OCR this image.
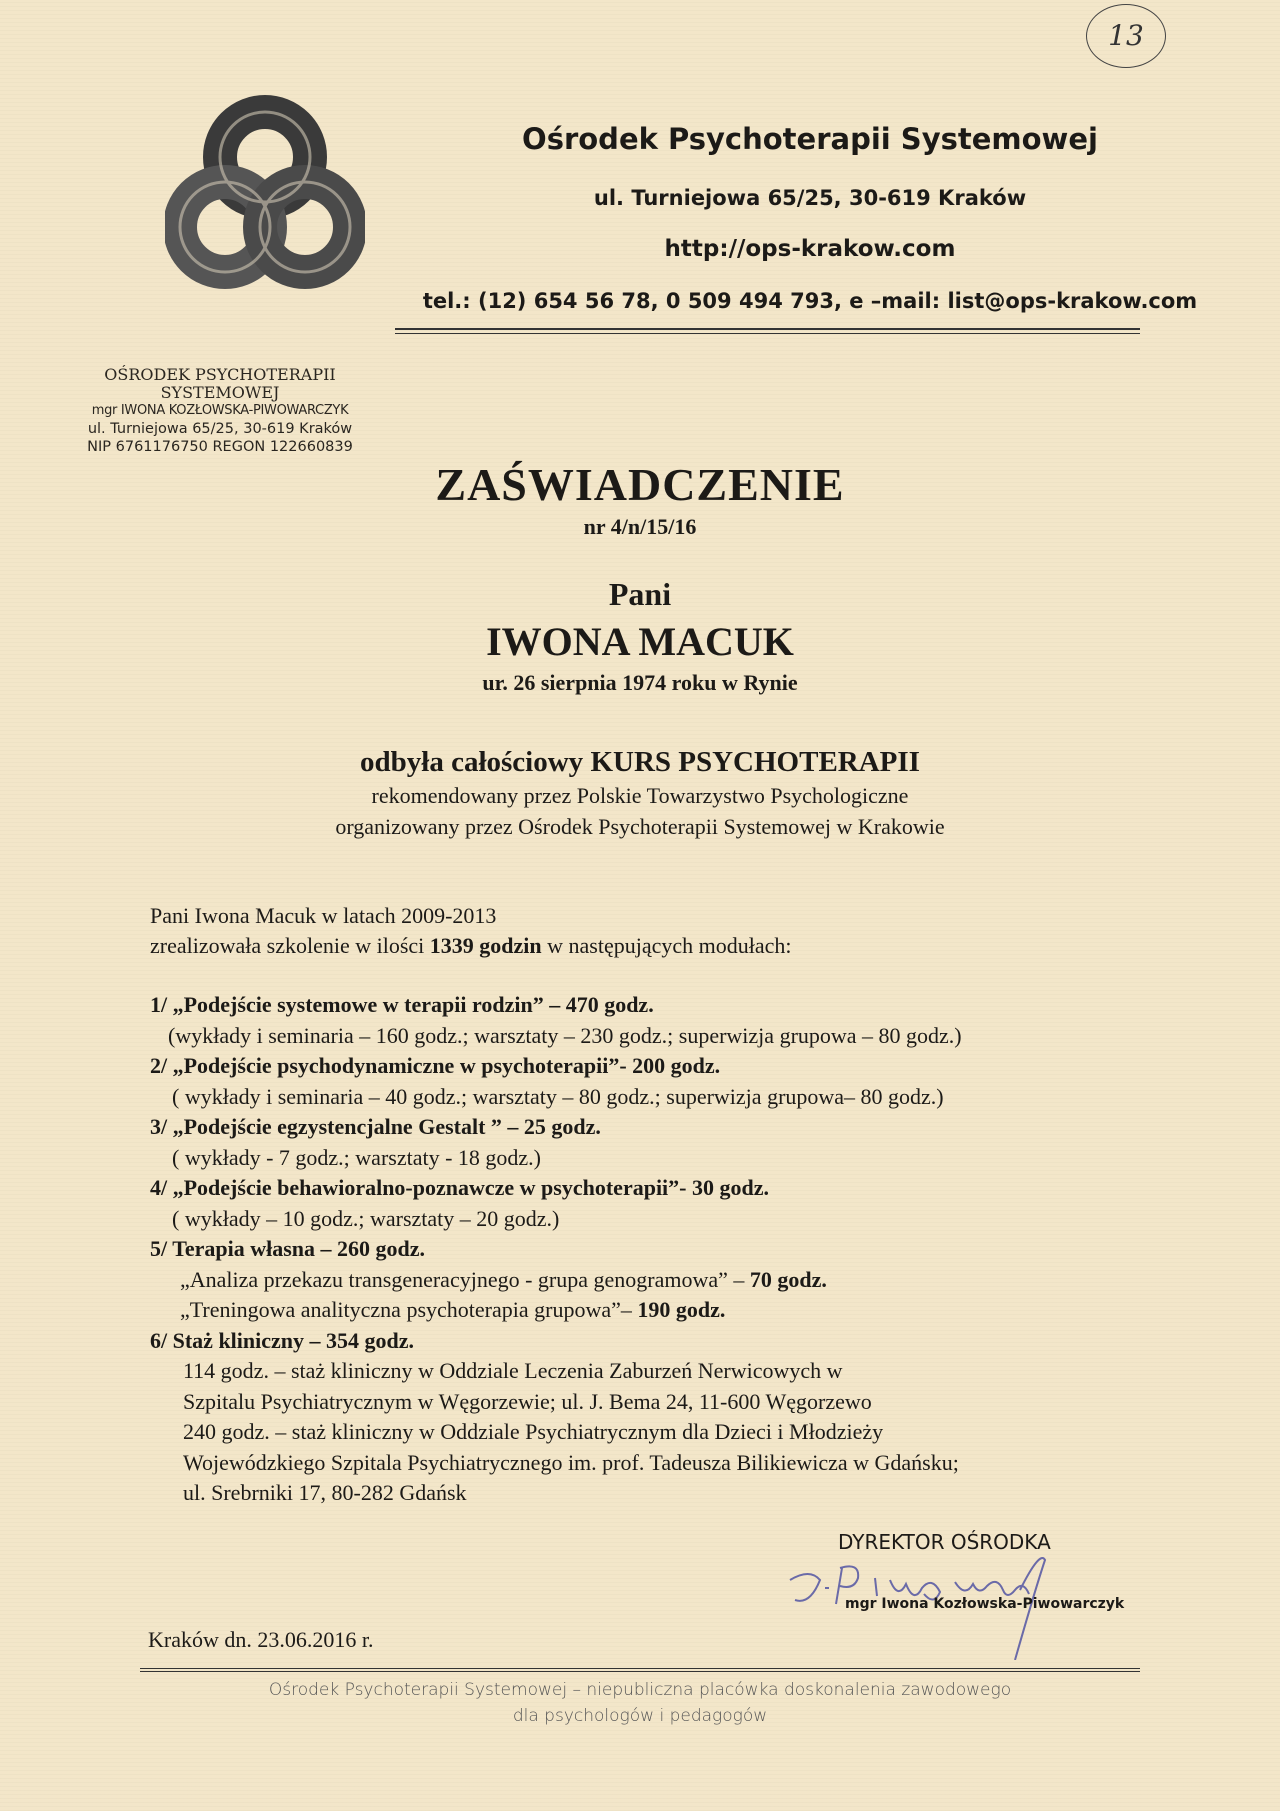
13
Ośrodek Psychoterapii Systemowej
ul. Turniejowa 65/25, 30-619 Kraków
http://ops-krakow.com
tel.: (12) 654 56 78, 0 509 494 793, e –mail: list@ops-krakow.com
OŚRODEK PSYCHOTERAPII
SYSTEMOWEJ
mgr IWONA KOZŁOWSKA-PIWOWARCZYK
ul. Turniejowa 65/25, 30-619 Kraków
NIP 6761176750 REGON 122660839
ZAŚWIADCZENIE
nr 4/n/15/16
Pani
IWONA MACUK
ur. 26 sierpnia 1974 roku w Rynie
odbyła całościowy KURS PSYCHOTERAPII
rekomendowany przez Polskie Towarzystwo Psychologiczne
organizowany przez Ośrodek Psychoterapii Systemowej w Krakowie
Pani Iwona Macuk w latach 2009-2013
zrealizowała szkolenie w ilości 1339 godzin w następujących modułach:
1/ „Podejście systemowe w terapii rodzin” – 470 godz.
(wykłady i seminaria – 160 godz.; warsztaty – 230 godz.; superwizja grupowa – 80 godz.)
2/ „Podejście psychodynamiczne w psychoterapii”- 200 godz.
( wykłady i seminaria – 40 godz.; warsztaty – 80 godz.; superwizja grupowa– 80 godz.)
3/ „Podejście egzystencjalne Gestalt ” – 25 godz.
( wykłady - 7 godz.; warsztaty - 18 godz.)
4/ „Podejście behawioralno-poznawcze w psychoterapii”- 30 godz.
( wykłady – 10 godz.; warsztaty – 20 godz.)
5/ Terapia własna – 260 godz.
„Analiza przekazu transgeneracyjnego - grupa genogramowa” – 70 godz.
„Treningowa analityczna psychoterapia grupowa”– 190 godz.
6/ Staż kliniczny – 354 godz.
114 godz. – staż kliniczny w Oddziale Leczenia Zaburzeń Nerwicowych w
Szpitalu Psychiatrycznym w Węgorzewie; ul. J. Bema 24, 11-600 Węgorzewo
240 godz. – staż kliniczny w Oddziale Psychiatrycznym dla Dzieci i Młodzieży
Wojewódzkiego Szpitala Psychiatrycznego im. prof. Tadeusza Bilikiewicza w Gdańsku;
ul. Srebrniki 17, 80-282 Gdańsk
DYREKTOR OŚRODKA
mgr Iwona Kozłowska-Piwowarczyk
Kraków dn. 23.06.2016 r.
Ośrodek Psychoterapii Systemowej – niepubliczna placówka doskonalenia zawodowego
dla psychologów i pedagogów
